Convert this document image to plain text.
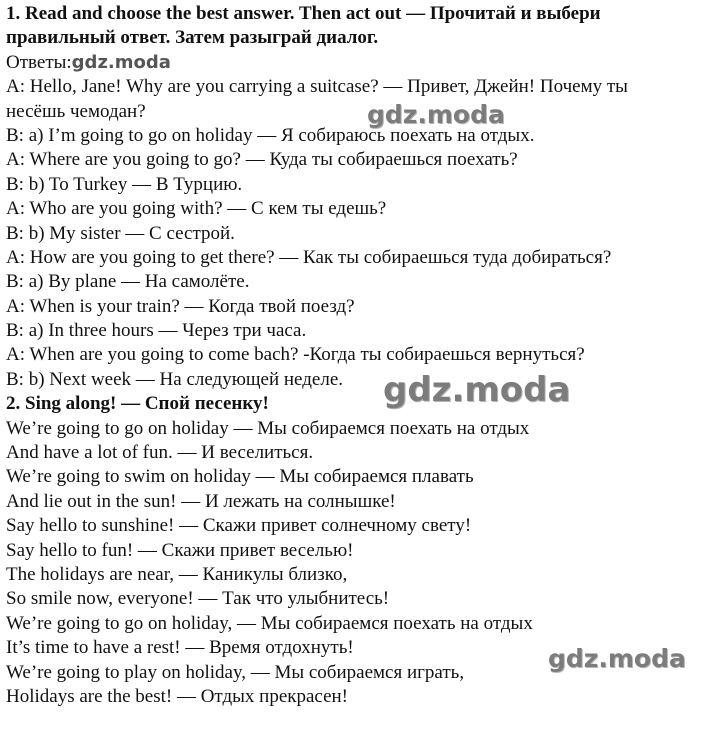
1. Read and choose the best answer. Then act out — Прочитай и выбери

правильный ответ. Затем разыграй диалог.

Ответы:gdz.moda

A: Hello, Jane! Why are you carrying a suitcase? — Привет, Джейн! Почему ты

несёшь чемодан?

B: a) I’m going to go on holiday — Я собираюсь поехать на отдых.

A: Where are you going to go? — Куда ты собираешься поехать?

B: b) To Turkey — В Турцию.

A: Who are you going with? — С кем ты едешь?

B: b) My sister — С сестрой.

A: How are you going to get there? — Как ты собираешься туда добираться?

B: a) By plane — На самолёте.

A: When is your train? — Когда твой поезд?

B: a) In three hours — Через три часа.

A: When are you going to come bach? -Когда ты собираешься вернуться?

B: b) Next week — На следующей неделе.

2. Sing along! — Спой песенку!

We’re going to go on holiday — Мы собираемся поехать на отдых

And have a lot of fun. — И веселиться.

We’re going to swim on holiday — Мы собираемся плавать

And lie out in the sun! — И лежать на солнышке!

Say hello to sunshine! — Скажи привет солнечному свету!

Say hello to fun! — Скажи привет веселью!

The holidays are near, — Каникулы близко,

So smile now, everyone! — Так что улыбнитесь!

We’re going to go on holiday, — Мы собираемся поехать на отдых

It’s time to have a rest! — Время отдохнуть!

We’re going to play on holiday, — Мы собираемся играть,

Holidays are the best! — Отдых прекрасен!

gdz.moda
gdz.moda
gdz.moda
